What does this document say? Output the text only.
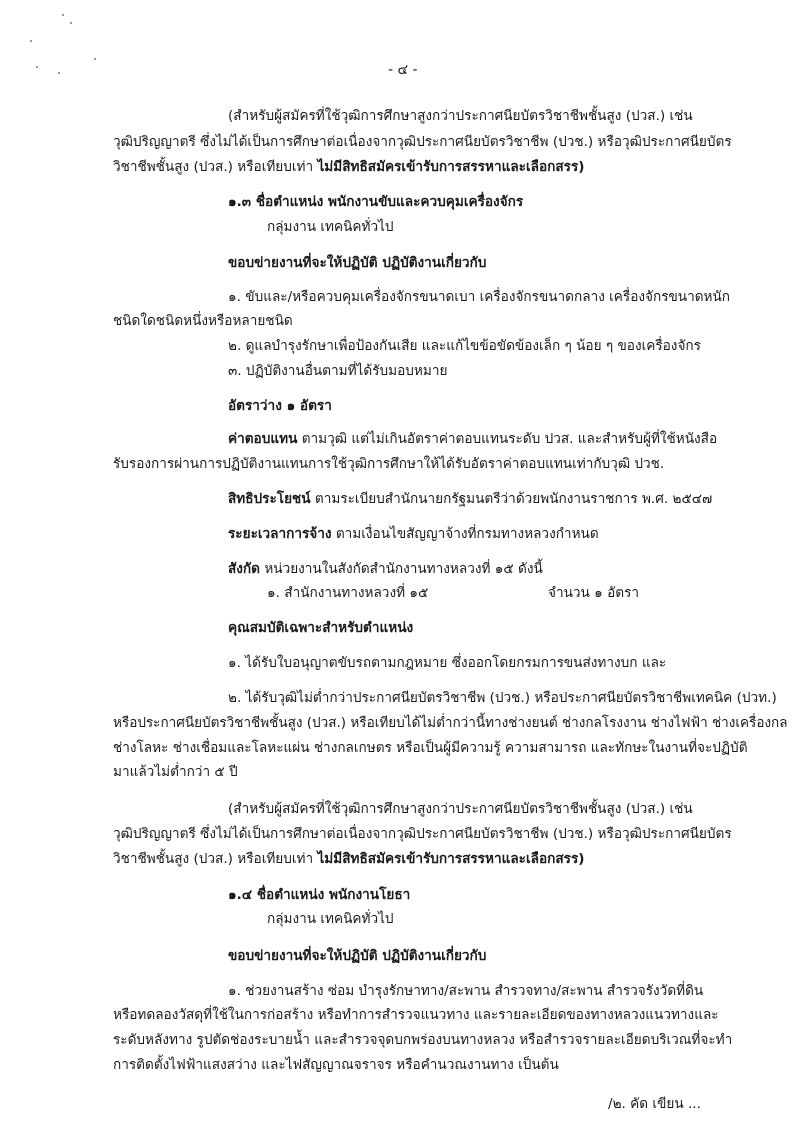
- ๔ -
(สำหรับผู้สมัครที่ใช้วุฒิการศึกษาสูงกว่าประกาศนียบัตรวิชาชีพชั้นสูง (ปวส.) เช่น
วุฒิปริญญาตรี ซึ่งไม่ได้เป็นการศึกษาต่อเนื่องจากวุฒิประกาศนียบัตรวิชาชีพ (ปวช.) หรือวุฒิประกาศนียบัตร
วิชาชีพชั้นสูง (ปวส.) หรือเทียบเท่า ไม่มีสิทธิสมัครเข้ารับการสรรหาและเลือกสรร)
๑.๓ ชื่อตำแหน่ง พนักงานขับและควบคุมเครื่องจักร
กลุ่มงาน เทคนิคทั่วไป
ขอบข่ายงานที่จะให้ปฏิบัติ ปฏิบัติงานเกี่ยวกับ
๑. ขับและ/หรือควบคุมเครื่องจักรขนาดเบา เครื่องจักรขนาดกลาง เครื่องจักรขนาดหนัก
ชนิดใดชนิดหนึ่งหรือหลายชนิด
๒. ดูแลบำรุงรักษาเพื่อป้องกันเสีย และแก้ไขข้อขัดข้องเล็ก ๆ น้อย ๆ ของเครื่องจักร
๓. ปฏิบัติงานอื่นตามที่ได้รับมอบหมาย
อัตราว่าง ๑ อัตรา
ค่าตอบแทน ตามวุฒิ แต่ไม่เกินอัตราค่าตอบแทนระดับ ปวส. และสำหรับผู้ที่ใช้หนังสือ
รับรองการผ่านการปฏิบัติงานแทนการใช้วุฒิการศึกษาให้ได้รับอัตราค่าตอบแทนเท่ากับวุฒิ ปวช.
สิทธิประโยชน์ ตามระเบียบสำนักนายกรัฐมนตรีว่าด้วยพนักงานราชการ พ.ศ. ๒๕๔๗
ระยะเวลาการจ้าง ตามเงื่อนไขสัญญาจ้างที่กรมทางหลวงกำหนด
สังกัด หน่วยงานในสังกัดสำนักงานทางหลวงที่ ๑๕ ดังนี้
๑. สำนักงานทางหลวงที่ ๑๕	จำนวน ๑ อัตรา
คุณสมบัติเฉพาะสำหรับตำแหน่ง
๑. ได้รับใบอนุญาตขับรถตามกฎหมาย ซึ่งออกโดยกรมการขนส่งทางบก และ
๒. ได้รับวุฒิไม่ต่ำกว่าประกาศนียบัตรวิชาชีพ (ปวช.) หรือประกาศนียบัตรวิชาชีพเทคนิค (ปวท.)
หรือประกาศนียบัตรวิชาชีพชั้นสูง (ปวส.) หรือเทียบได้ไม่ต่ำกว่านี้ทางช่างยนต์ ช่างกลโรงงาน ช่างไฟฟ้า ช่างเครื่องกล
ช่างโลหะ ช่างเชื่อมและโลหะแผ่น ช่างกลเกษตร หรือเป็นผู้มีความรู้ ความสามารถ และทักษะในงานที่จะปฏิบัติ
มาแล้วไม่ต่ำกว่า ๕ ปี
(สำหรับผู้สมัครที่ใช้วุฒิการศึกษาสูงกว่าประกาศนียบัตรวิชาชีพชั้นสูง (ปวส.) เช่น
วุฒิปริญญาตรี ซึ่งไม่ได้เป็นการศึกษาต่อเนื่องจากวุฒิประกาศนียบัตรวิชาชีพ (ปวช.) หรือวุฒิประกาศนียบัตร
วิชาชีพชั้นสูง (ปวส.) หรือเทียบเท่า ไม่มีสิทธิสมัครเข้ารับการสรรหาและเลือกสรร)
๑.๔ ชื่อตำแหน่ง พนักงานโยธา
กลุ่มงาน เทคนิคทั่วไป
ขอบข่ายงานที่จะให้ปฏิบัติ ปฏิบัติงานเกี่ยวกับ
๑. ช่วยงานสร้าง ซ่อม บำรุงรักษาทาง/สะพาน สำรวจทาง/สะพาน สำรวจรังวัดที่ดิน
หรือทดลองวัสดุที่ใช้ในการก่อสร้าง หรือทำการสำรวจแนวทาง และรายละเอียดของทางหลวงแนวทางและ
ระดับหลังทาง รูปตัดช่องระบายน้ำ และสำรวจจุดบกพร่องบนทางหลวง หรือสำรวจรายละเอียดบริเวณที่จะทำ
การติดตั้งไฟฟ้าแสงสว่าง และไฟสัญญาณจราจร หรือคำนวณงานทาง เป็นต้น
/๒. คัด เขียน ...
